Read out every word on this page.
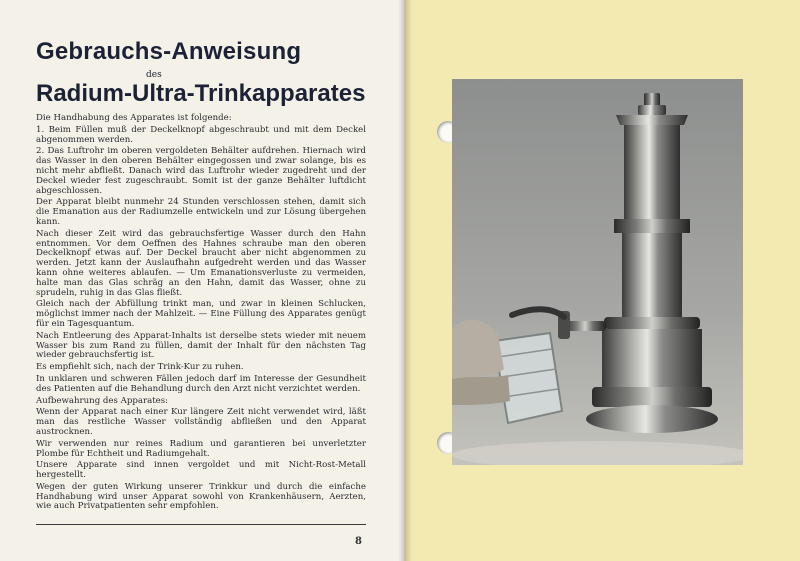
Gebrauchs-Anweisung
des
Radium-Ultra-Trinkapparates

Die Handhabung des Apparates ist folgende:

1. Beim Füllen muß der Deckelknopf abgeschraubt und mit dem Deckel abgenommen werden.

2. Das Luftrohr im oberen vergoldeten Behälter aufdrehen. Hiernach wird das Wasser in den oberen Behälter eingegossen und zwar solange, bis es nicht mehr abfließt. Danach wird das Luftrohr wieder zugedreht und der Deckel wieder fest zugeschraubt. Somit ist der ganze Behälter luftdicht abgeschlossen.

Der Apparat bleibt nunmehr 24 Stunden verschlossen stehen, damit sich die Emanation aus der Radiumzelle entwickeln und zur Lösung übergehen kann.

Nach dieser Zeit wird das gebrauchsfertige Wasser durch den Hahn entnommen. Vor dem Oeffnen des Hahnes schraube man den oberen Deckelknopf etwas auf. Der Deckel braucht aber nicht abgenommen zu werden. Jetzt kann der Auslaufhahn aufgedreht werden und das Wasser kann ohne weiteres ablaufen. — Um Emanationsverluste zu vermeiden, halte man das Glas schräg an den Hahn, damit das Wasser, ohne zu sprudeln, ruhig in das Glas fließt.

Gleich nach der Abfüllung trinkt man, und zwar in kleinen Schlucken, möglichst immer nach der Mahlzeit. — Eine Füllung des Apparates genügt für ein Tagesquantum.

Nach Entleerung des Apparat-Inhalts ist derselbe stets wieder mit neuem Wasser bis zum Rand zu füllen, damit der Inhalt für den nächsten Tag wieder gebrauchsfertig ist.

Es empfiehlt sich, nach der Trink-Kur zu ruhen.

In unklaren und schweren Fällen jedoch darf im Interesse der Gesundheit des Patienten auf die Behandlung durch den Arzt nicht verzichtet werden.

Aufbewahrung des Apparates:

Wenn der Apparat nach einer Kur längere Zeit nicht verwendet wird, läßt man das restliche Wasser vollständig abfließen und den Apparat austrocknen.

Wir verwenden nur reines Radium und garantieren bei unverletzter Plombe für Echtheit und Radiumgehalt.

Unsere Apparate sind innen vergoldet und mit Nicht-Rost-Metall hergestellt.

Wegen der guten Wirkung unserer Trinkkur und durch die einfache Handhabung wird unser Apparat sowohl von Krankenhäusern, Aerzten, wie auch Privatpatienten sehr empfohlen.

8
